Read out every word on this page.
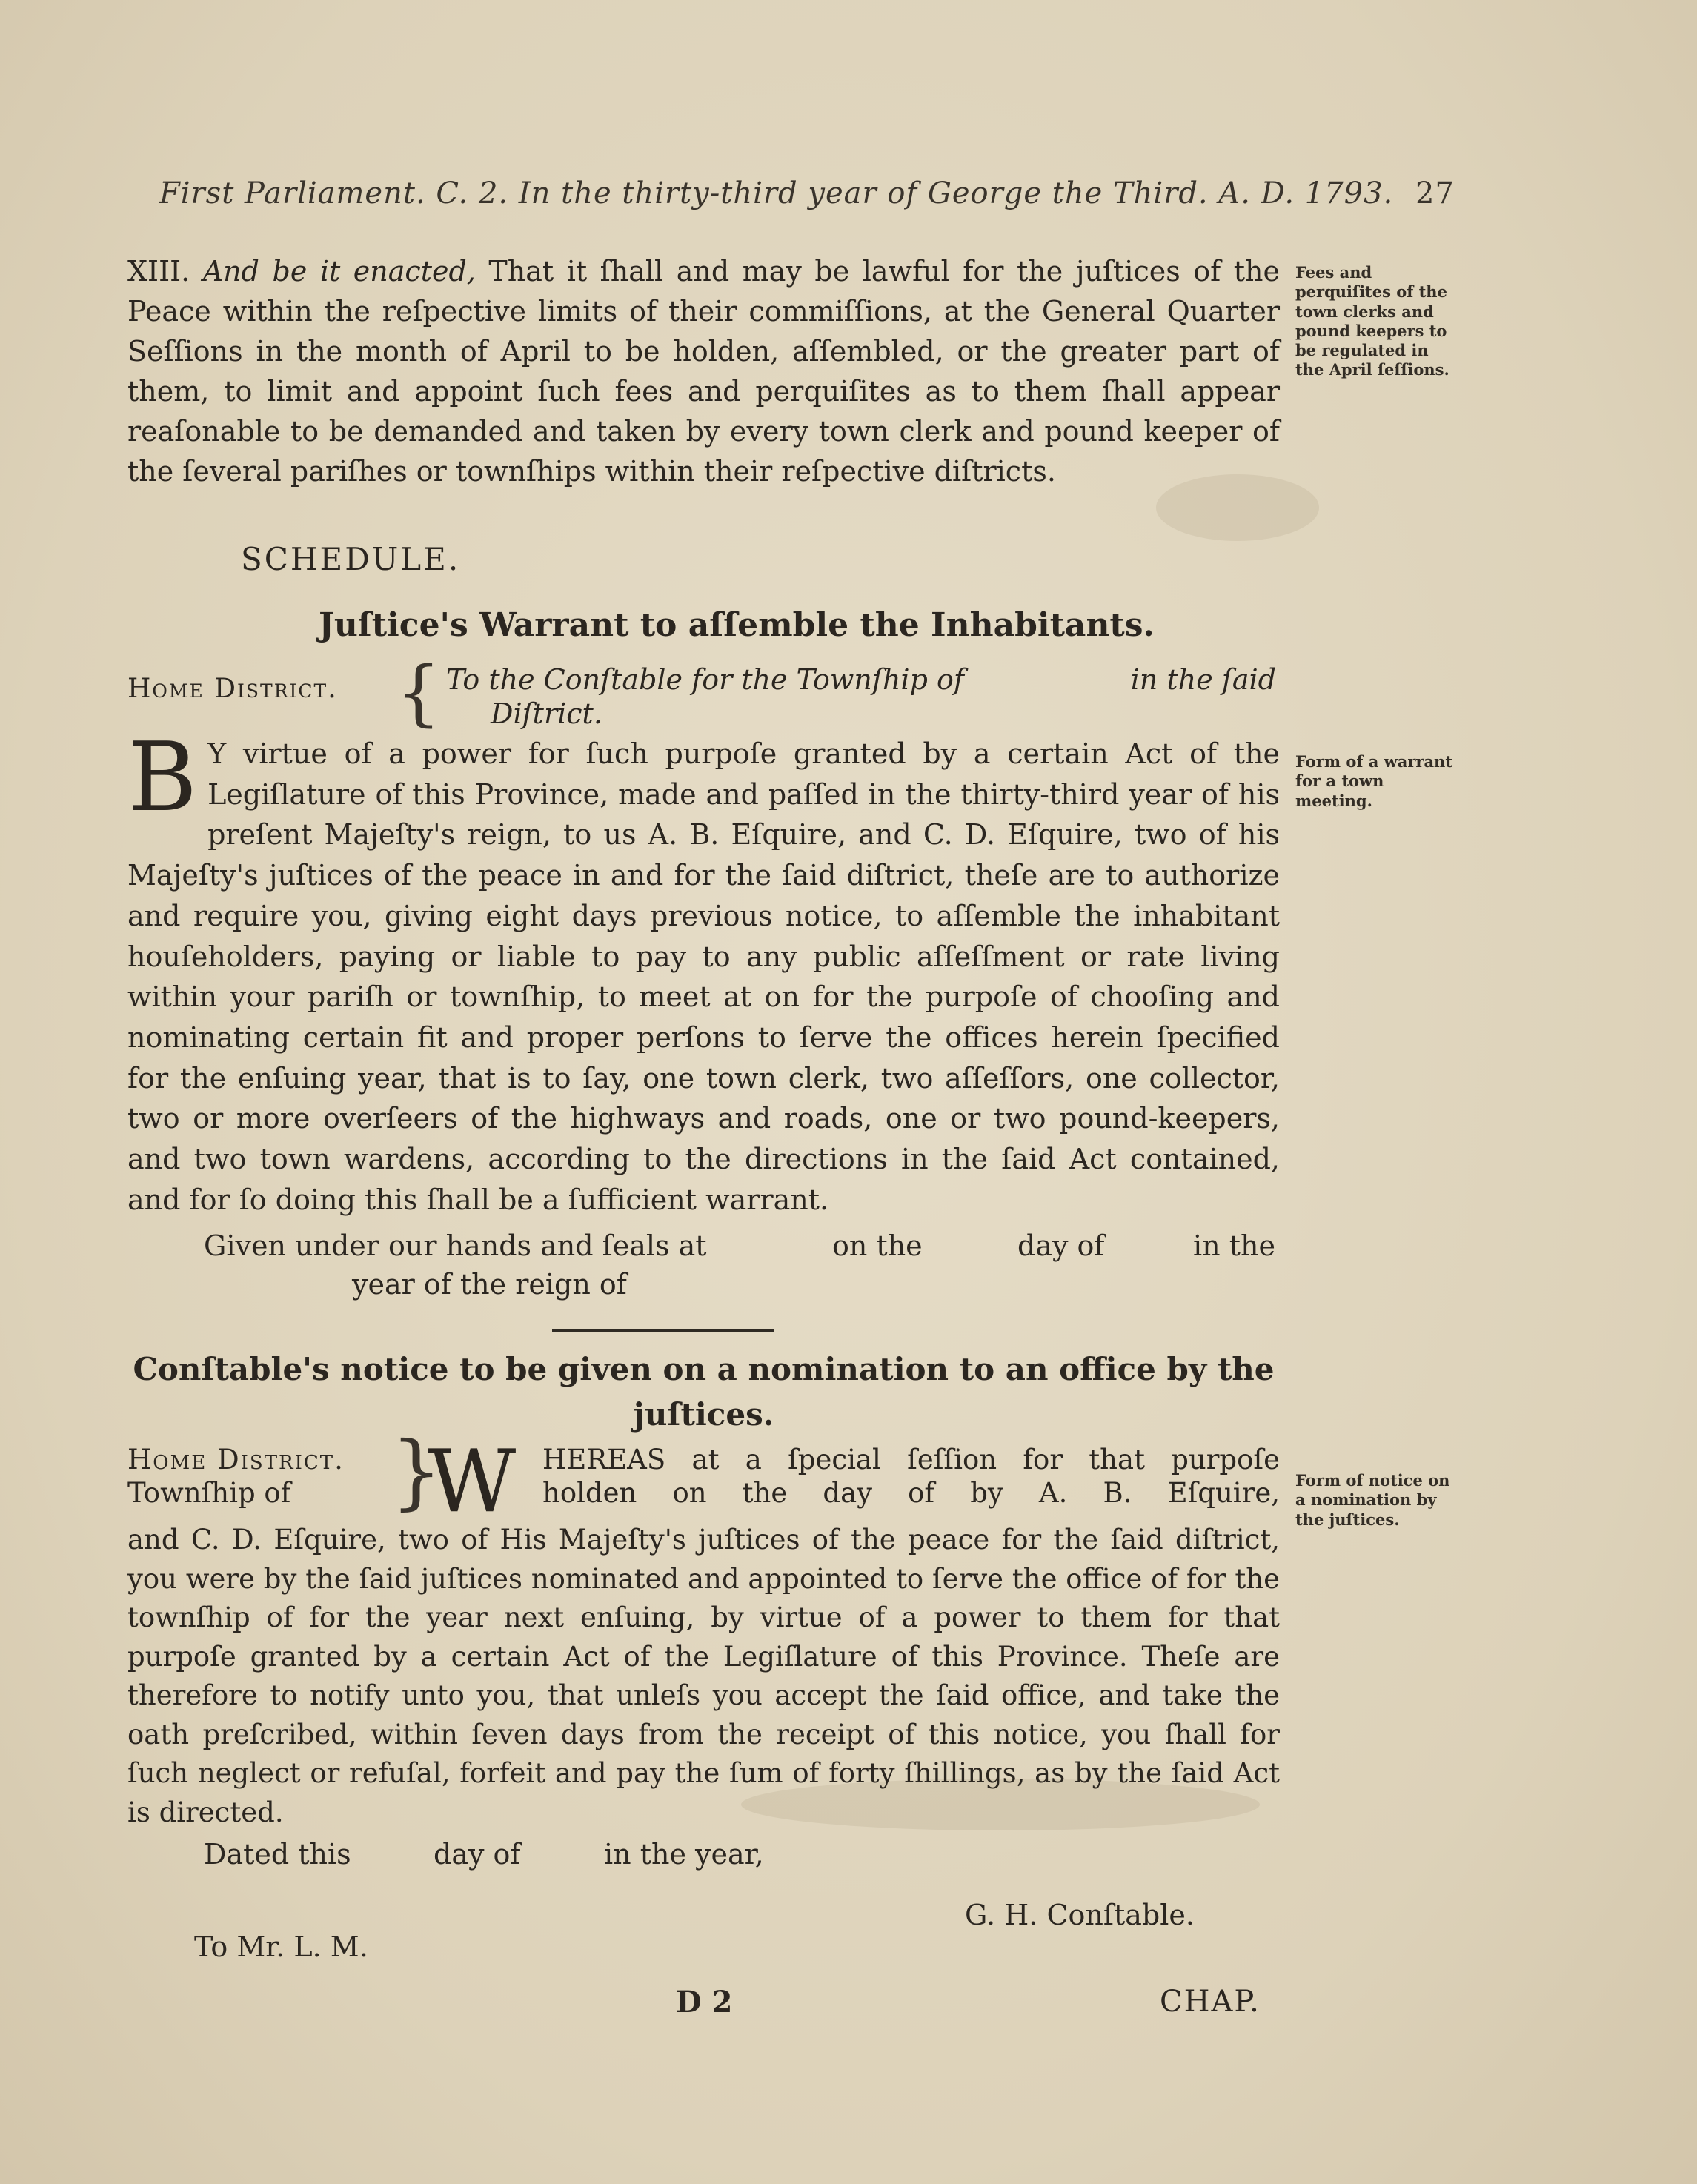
First Parliament. C. 2. In the thirty-third year of George the Third. A. D. 1793. 27

XIII. And be it enacted, That it ſhall and may be lawful for the juſtices of the Peace within the reſpective limits of their commiſſions, at the General Quarter Seſſions in the month of April to be holden, aſſembled, or the greater part of them, to limit and appoint ſuch fees and perquiſites as to them ſhall appear reaſonable to be demanded and taken by every town clerk and pound keeper of the ſeveral pariſhes or townſhips within their reſpective diſtricts.

Fees and perquiſites of the town clerks and pound keepers to be regulated in the April ſeſſions.
SCHEDULE.
Juſtice's Warrant to aſſemble the Inhabitants.
Home District. { To the Conſtable for the Townſhip of	in the ſaid
Diſtrict.
B Y virtue of a power for ſuch purpoſe granted by a certain Act of the Legiſlature of this Province, made and paſſed in the thirty-third year of his preſent Majeſty's reign, to us A. B. Eſquire, and C. D. Eſquire, two of his Majeſty's juſtices of the peace in and for the ſaid diſtrict, theſe are to authorize and require you, giving eight days previous notice, to aſſemble the inhabitant houſeholders, paying or liable to pay to any public aſſeſſment or rate living within your pariſh or townſhip, to meet at on for the purpoſe of chooſing and nominating certain fit and proper perſons to ſerve the offices herein ſpecified for the enſuing year, that is to ſay, one town clerk, two aſſeſſors, one collector, two or more overſeers of the highways and roads, one or two pound-keepers, and two town wardens, according to the directions in the ſaid Act contained, and for ſo doing this ſhall be a ſufficient warrant.
Form of a warrant for a town meeting.
Given under our hands and ſeals at	on the	day of	in the
year of the reign of
Conſtable's notice to be given on a nomination to an office by the juſtices.
Home District.
Townſhip of }
W HEREAS at a ſpecial ſeſſion for that purpoſe
holden on the day of by A. B. Eſquire, Form of notice on a nomination by the juſtices.
and C. D. Eſquire, two of His Majeſty's juſtices of the peace for the ſaid diſtrict, you were by the ſaid juſtices nominated and appointed to ſerve the office of for the townſhip of for the year next enſuing, by virtue of a power to them for that purpoſe granted by a certain Act of the Legiſlature of this Province. Theſe are therefore to notify unto you, that unleſs you accept the ſaid office, and take the oath preſcribed, within ſeven days from the receipt of this notice, you ſhall for ſuch neglect or refuſal, forfeit and pay the ſum of forty ſhillings, as by the ſaid Act is directed.
Dated this	day of	in the year,
G. H. Conſtable.
To Mr. L. M.
D 2	CHAP.
